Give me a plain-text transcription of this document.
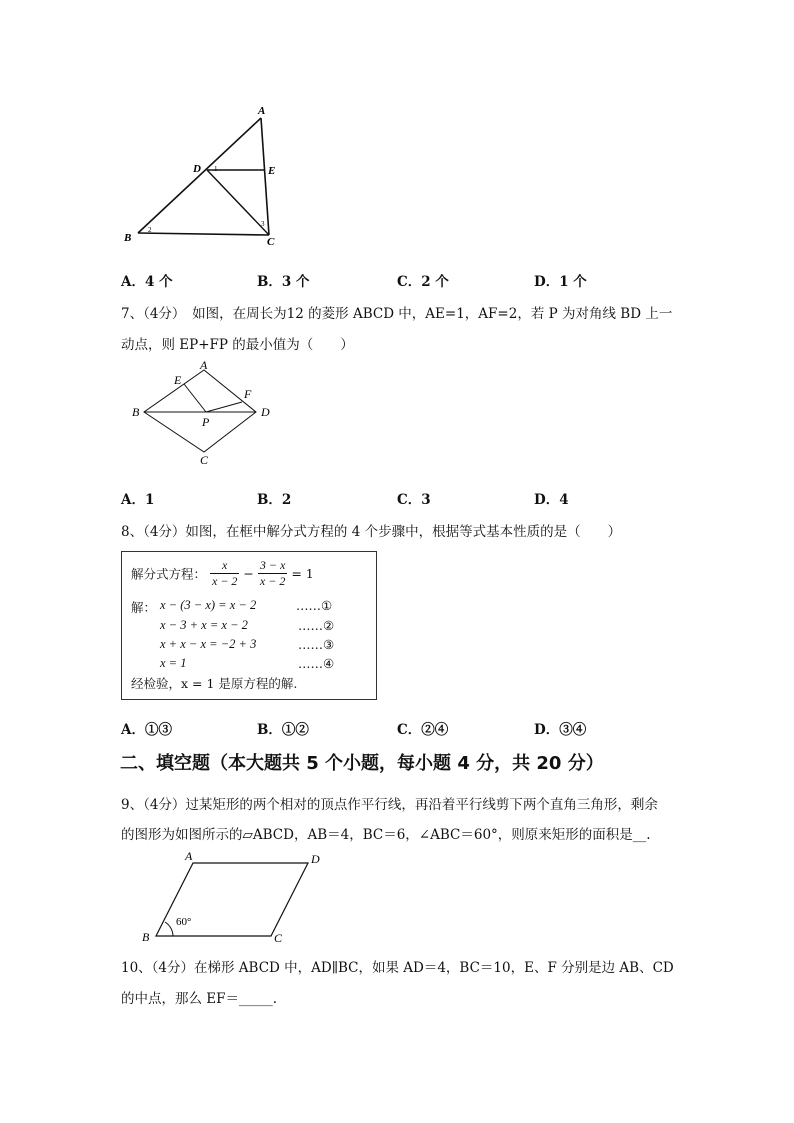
A
D	E
B	C
1
2
3
A．4 个	B．3 个	C．2 个	D．1 个
7、（4分）　如图，在周长为12 的菱形 ABCD 中，AE=1，AF=2，若 P 为对角线 BD 上一
动点，则 EP+FP 的最小值为（　　）
A
E
F
B	D
P
C
A．1	B．2	C．3	D．4
8、（4分）如图，在框中解分式方程的 4 个步骤中，根据等式基本性质的是（　　）
解分式方程： $\frac{x}{x - 2} - \frac{3 - x}{x - 2} = 1$
解： x − (3 − x) = x − 2	……①
x − 3 + x = x − 2	……②
x + x − x = −2 + 3	……③
x = 1	……④
经检验，x = 1 是原方程的解.
A．①③	B．①②	C．②④	D．③④
二、填空题（本大题共 5 个小题，每小题 4 分，共 20 分）
9、（4分）过某矩形的两个相对的顶点作平行线，再沿着平行线剪下两个直角三角形，剩余
的图形为如图所示的▱ABCD，AB＝4，BC＝6，∠ABC＝60°，则原来矩形的面积是__.
A	D
B	C
60°
10、（4分）在梯形 ABCD 中，AD∥BC，如果 AD＝4，BC＝10，E、F 分别是边 AB、CD
的中点，那么 EF＝_____.
